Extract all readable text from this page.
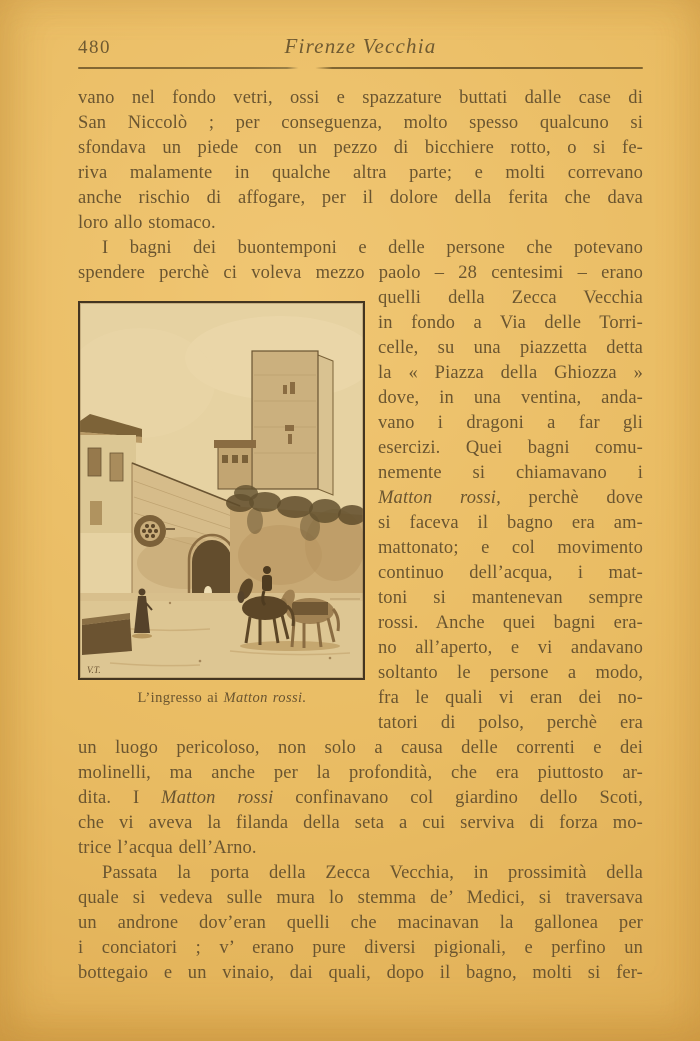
480	Firenze Vecchia
vano nel fondo vetri, ossi e spazzature buttati dalle case di
San Niccolò ; per conseguenza, molto spesso qualcuno si
sfondava un piede con un pezzo di bicchiere rotto, o si fe-
riva malamente in qualche altra parte; e molti correvano
anche rischio di affogare, per il dolore della ferita che dava
loro allo stomaco.
I bagni dei buontemponi e delle persone che potevano
spendere perchè ci voleva mezzo paolo – 28 centesimi – erano
V.T.
L’ingresso ai Matton rossi.
quelli della Zecca Vecchia
in fondo a Via delle Torri-
celle, su una piazzetta detta
la « Piazza della Ghiozza »
dove, in una ventina, anda-
vano i dragoni a far gli
esercizi. Quei bagni comu-
nemente si chiamavano i
Matton rossi, perchè dove
si faceva il bagno era am-
mattonato; e col movimento
continuo dell’acqua, i mat-
toni si mantenevan sempre
rossi. Anche quei bagni era-
no all’aperto, e vi andavano
soltanto le persone a modo,
fra le quali vi eran dei no-
tatori di polso, perchè era
un luogo pericoloso, non solo a causa delle correnti e dei
molinelli, ma anche per la profondità, che era piuttosto ar-
dita. I Matton rossi confinavano col giardino dello Scoti,
che vi aveva la filanda della seta a cui serviva di forza mo-
trice l’acqua dell’Arno.
Passata la porta della Zecca Vecchia, in prossimità della
quale si vedeva sulle mura lo stemma de’ Medici, si traversava
un androne dov’eran quelli che macinavan la gallonea per
i conciatori ; v’ erano pure diversi pigionali, e perfino un
bottegaio e un vinaio, dai quali, dopo il bagno, molti si fer-
